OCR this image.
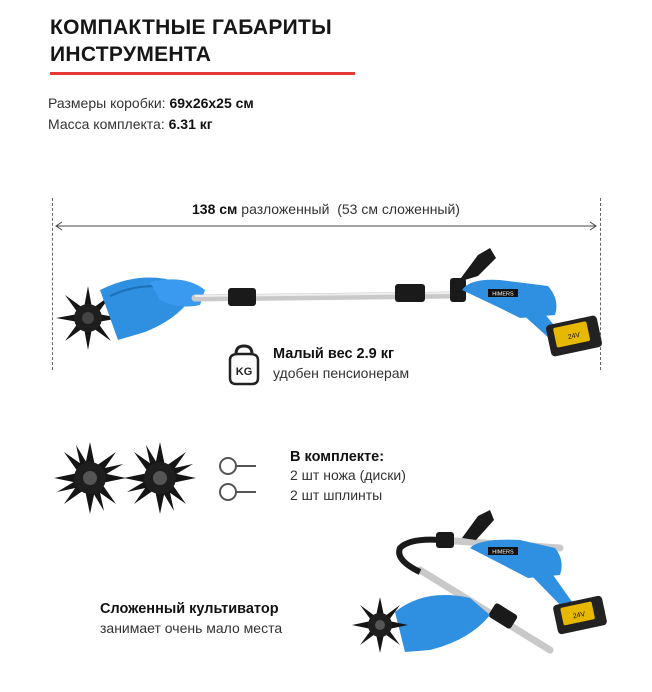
КОМПАКТНЫЕ ГАБАРИТЫ
ИНСТРУМЕНТА
Размеры коробки: 69x26x25 см
Масса комплекта: 6.31 кг
138 см разложенный (53 см сложенный)
HIMERS
24V
KG
Малый вес 2.9 кг
удобен пенсионерам
В комплекте:
2 шт ножа (диски)
2 шт шплинты
Сложенный культиватор
занимает очень мало места
HIMERS
24V
